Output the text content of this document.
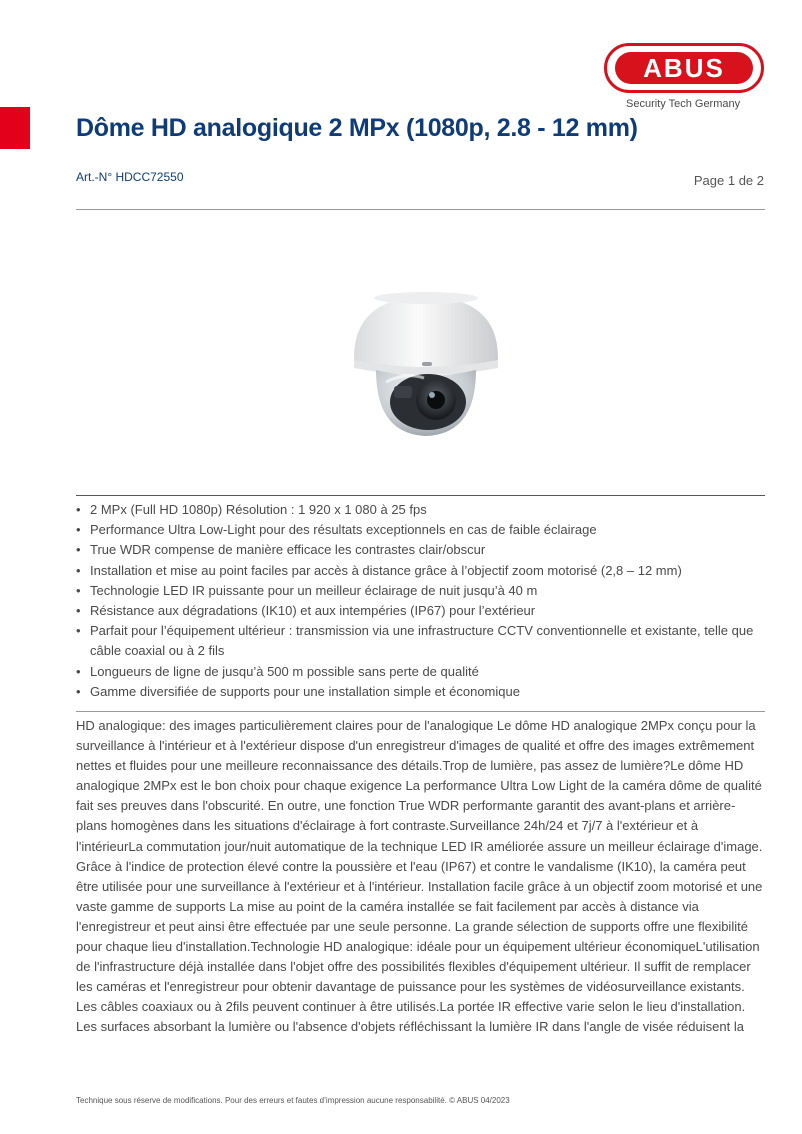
ABUS
Security Tech Germany
Dôme HD analogique 2 MPx (1080p, 2.8 - 12 mm)
Art.-N° HDCC72550	Page 1 de 2
• 2 MPx (Full HD 1080p) Résolution : 1 920 x 1 080 à 25 fps
• Performance Ultra Low-Light pour des résultats exceptionnels en cas de faible éclairage
• True WDR compense de manière efficace les contrastes clair/obscur
• Installation et mise au point faciles par accès à distance grâce à l’objectif zoom motorisé (2,8 – 12 mm)
• Technologie LED IR puissante pour un meilleur éclairage de nuit jusqu’à 40 m
• Résistance aux dégradations (IK10) et aux intempéries (IP67) pour l’extérieur
• Parfait pour l’équipement ultérieur : transmission via une infrastructure CCTV conventionnelle et existante, telle que câble coaxial ou à 2 fils
• Longueurs de ligne de jusqu’à 500 m possible sans perte de qualité
• Gamme diversifiée de supports pour une installation simple et économique

HD analogique: des images particulièrement claires pour de l'analogique Le dôme HD analogique 2MPx conçu pour la surveillance à l'intérieur et à l'extérieur dispose d'un enregistreur d'images de qualité et offre des images extrêmement nettes et fluides pour une meilleure reconnaissance des détails.Trop de lumière, pas assez de lumière?Le dôme HD analogique 2MPx est le bon choix pour chaque exigence La performance Ultra Low Light de la caméra dôme de qualité fait ses preuves dans l'obscurité. En outre, une fonction True WDR performante garantit des avant-plans et arrière-plans homogènes dans les situations d'éclairage à fort contraste.Surveillance 24h/24 et 7j/7 à l'extérieur et à l'intérieurLa commutation jour/nuit automatique de la technique LED IR améliorée assure un meilleur éclairage d'image. Grâce à l'indice de protection élevé contre la poussière et l'eau (IP67) et contre le vandalisme (IK10), la caméra peut être utilisée pour une surveillance à l'extérieur et à l'intérieur. Installation facile grâce à un objectif zoom motorisé et une vaste gamme de supports La mise au point de la caméra installée se fait facilement par accès à distance via l'enregistreur et peut ainsi être effectuée par une seule personne. La grande sélection de supports offre une flexibilité pour chaque lieu d'installation.Technologie HD analogique: idéale pour un équipement ultérieur économiqueL'utilisation de l'infrastructure déjà installée dans l'objet offre des possibilités flexibles d'équipement ultérieur. Il suffit de remplacer les caméras et l'enregistreur pour obtenir davantage de puissance pour les systèmes de vidéosurveillance existants. Les câbles coaxiaux ou à 2fils peuvent continuer à être utilisés.La portée IR effective varie selon le lieu d'installation. Les surfaces absorbant la lumière ou l'absence d'objets réfléchissant la lumière IR dans l'angle de visée réduisent la

Technique sous réserve de modifications. Pour des erreurs et fautes d’impression aucune responsabilité. © ABUS 04/2023
